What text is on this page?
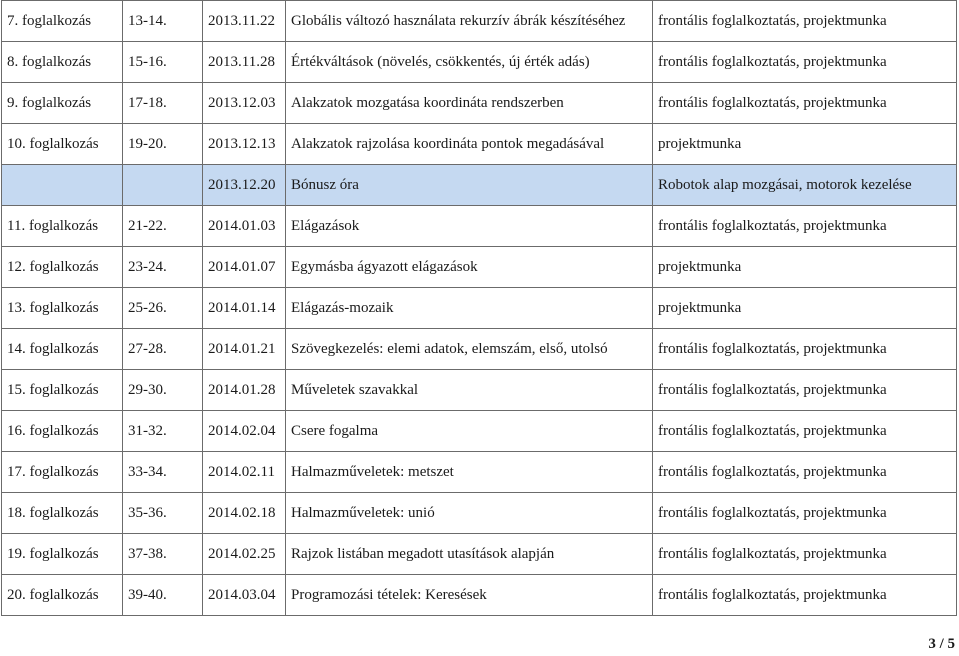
7. foglalkozás	13-14.	2013.11.22	Globális változó használata rekurzív ábrák készítéséhez	frontális foglalkoztatás, projektmunka
8. foglalkozás	15-16.	2013.11.28	Értékváltások (növelés, csökkentés, új érték adás)	frontális foglalkoztatás, projektmunka
9. foglalkozás	17-18.	2013.12.03	Alakzatok mozgatása koordináta rendszerben	frontális foglalkoztatás, projektmunka
10. foglalkozás	19-20.	2013.12.13	Alakzatok rajzolása koordináta pontok megadásával	projektmunka
		2013.12.20	Bónusz óra	Robotok alap mozgásai, motorok kezelése
11. foglalkozás	21-22.	2014.01.03	Elágazások	frontális foglalkoztatás, projektmunka
12. foglalkozás	23-24.	2014.01.07	Egymásba ágyazott elágazások	projektmunka
13. foglalkozás	25-26.	2014.01.14	Elágazás-mozaik	projektmunka
14. foglalkozás	27-28.	2014.01.21	Szövegkezelés: elemi adatok, elemszám, első, utolsó	frontális foglalkoztatás, projektmunka
15. foglalkozás	29-30.	2014.01.28	Műveletek szavakkal	frontális foglalkoztatás, projektmunka
16. foglalkozás	31-32.	2014.02.04	Csere fogalma	frontális foglalkoztatás, projektmunka
17. foglalkozás	33-34.	2014.02.11	Halmazműveletek: metszet	frontális foglalkoztatás, projektmunka
18. foglalkozás	35-36.	2014.02.18	Halmazműveletek: unió	frontális foglalkoztatás, projektmunka
19. foglalkozás	37-38.	2014.02.25	Rajzok listában megadott utasítások alapján	frontális foglalkoztatás, projektmunka
20. foglalkozás	39-40.	2014.03.04	Programozási tételek: Keresések	frontális foglalkoztatás, projektmunka
3 / 5
